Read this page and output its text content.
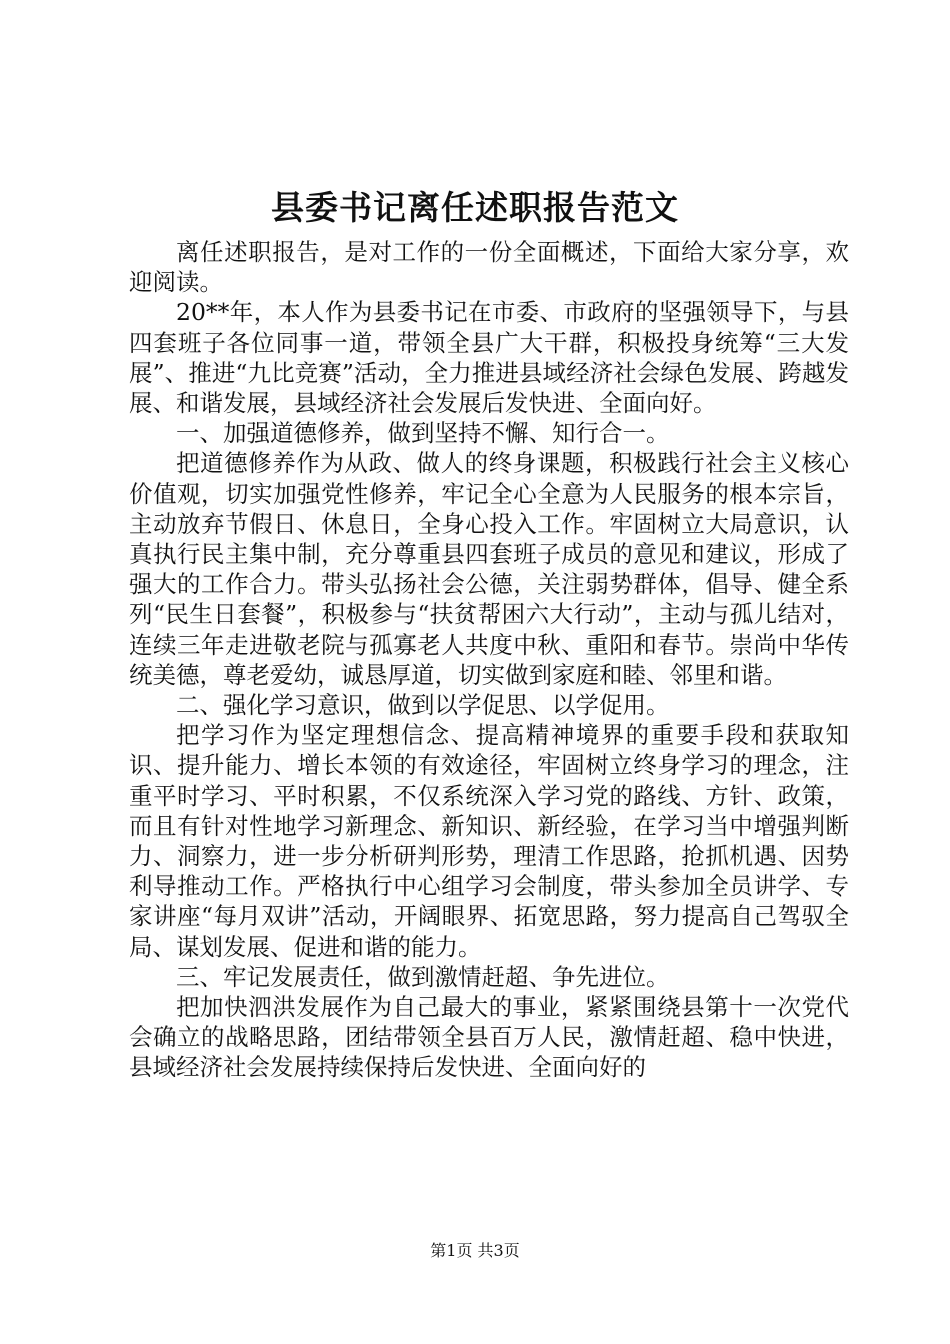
县委书记离任述职报告范文

离任述职报告，是对工作的一份全面概述，下面给大家分享，欢迎阅读。

20**年，本人作为县委书记在市委、市政府的坚强领导下，与县四套班子各位同事一道，带领全县广大干群，积极投身统筹“三大发展”、推进“九比竞赛”活动，全力推进县域经济社会绿色发展、跨越发展、和谐发展，县域经济社会发展后发快进、全面向好。

一、加强道德修养，做到坚持不懈、知行合一。

把道德修养作为从政、做人的终身课题，积极践行社会主义核心价值观，切实加强党性修养，牢记全心全意为人民服务的根本宗旨，主动放弃节假日、休息日，全身心投入工作。牢固树立大局意识，认真执行民主集中制，充分尊重县四套班子成员的意见和建议，形成了强大的工作合力。带头弘扬社会公德，关注弱势群体，倡导、健全系列“民生日套餐”，积极参与“扶贫帮困六大行动”，主动与孤儿结对，连续三年走进敬老院与孤寡老人共度中秋、重阳和春节。崇尚中华传统美德，尊老爱幼，诚恳厚道，切实做到家庭和睦、邻里和谐。

二、强化学习意识，做到以学促思、以学促用。

把学习作为坚定理想信念、提高精神境界的重要手段和获取知识、提升能力、增长本领的有效途径，牢固树立终身学习的理念，注重平时学习、平时积累，不仅系统深入学习党的路线、方针、政策，而且有针对性地学习新理念、新知识、新经验，在学习当中增强判断力、洞察力，进一步分析研判形势，理清工作思路，抢抓机遇、因势利导推动工作。严格执行中心组学习会制度，带头参加全员讲学、专家讲座“每月双讲”活动，开阔眼界、拓宽思路，努力提高自己驾驭全局、谋划发展、促进和谐的能力。

三、牢记发展责任，做到激情赶超、争先进位。

把加快泗洪发展作为自己最大的事业，紧紧围绕县第十一次党代会确立的战略思路，团结带领全县百万人民，激情赶超、稳中快进，县域经济社会发展持续保持后发快进、全面向好的

第1页 共3页
